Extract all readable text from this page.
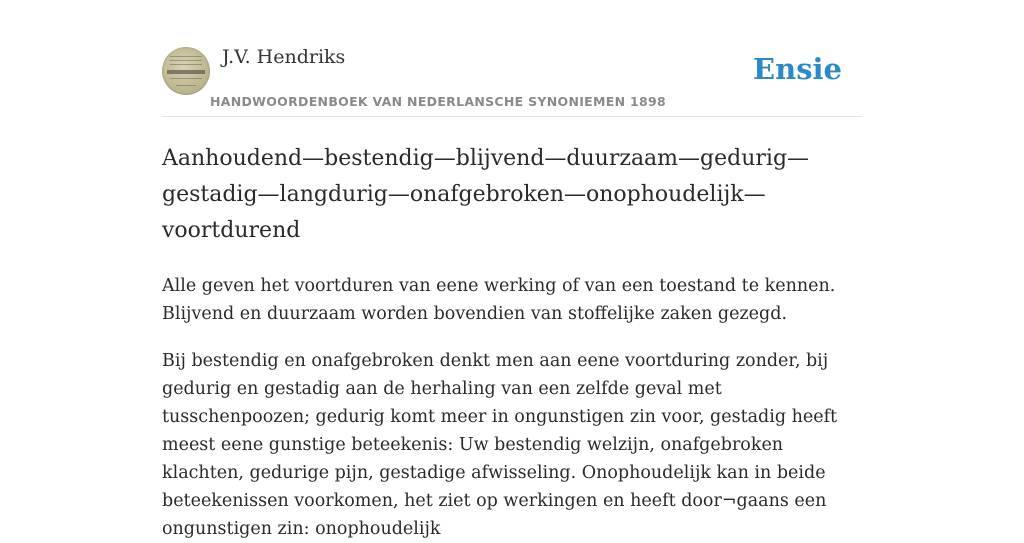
J.V. Hendriks
HANDWOORDENBOEK VAN NEDERLANSCHE SYNONIEMEN 1898
Ensie
Aanhoudend—bestendig—blijvend—duurzaam—gedurig—gestadig—langdurig—onafgebroken—onophoudelijk—voortdurend

Alle geven het voortduren van eene werking of van een toestand te kennen. Blijvend en duurzaam worden bovendien van stoffelijke zaken gezegd.

Bij bestendig en onafgebroken denkt men aan eene voortduring zonder, bij gedurig en gestadig aan de herhaling van een zelfde geval met tusschenpoozen; gedurig komt meer in ongunstigen zin voor, gestadig heeft meest eene gunstige beteekenis: Uw bestendig welzijn, onafgebroken klachten, gedurige pijn, gestadige afwisseling. Onophoudelijk kan in beide beteekenissen voorkomen, het ziet op werkingen en heeft door¬gaans een ongunstigen zin: onophoudelijk
